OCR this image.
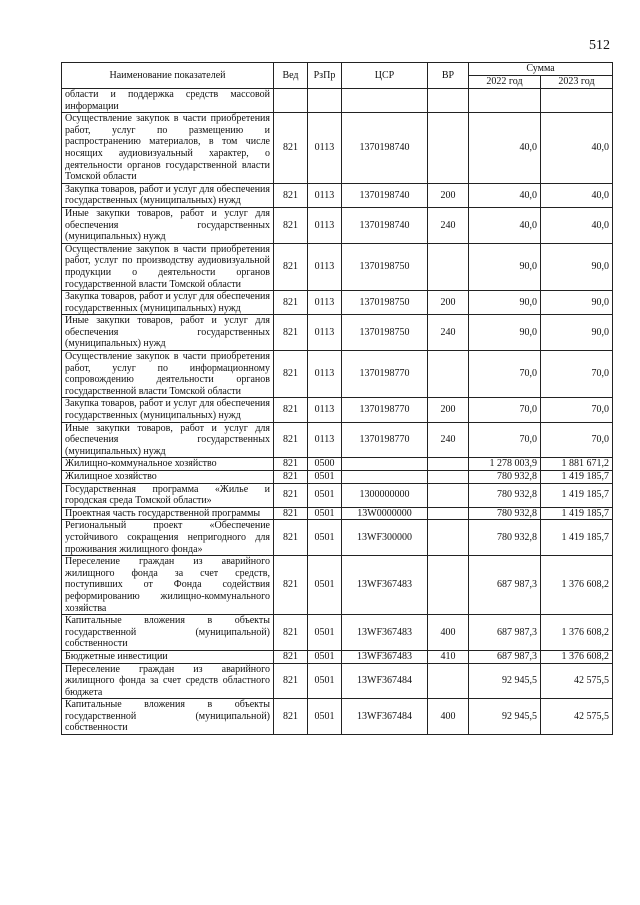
512
Наименование показателей	Вед	РзПр	ЦСР	ВР	Сумма	
					2022 год	2023 год
области и поддержка средств массовой информации						
Осуществление закупок в части приобретения работ, услуг по размещению и распространению материалов, в том числе носящих аудиовизуальный характер, о деятельности органов государственной власти Томской области	821	0113	1370198740		40,0	40,0
Закупка товаров, работ и услуг для обеспечения государственных (муниципальных) нужд	821	0113	1370198740	200	40,0	40,0
Иные закупки товаров, работ и услуг для обеспечения государственных (муниципальных) нужд	821	0113	1370198740	240	40,0	40,0
Осуществление закупок в части приобретения работ, услуг по производству аудиовизуальной продукции о деятельности органов государственной власти Томской области	821	0113	1370198750		90,0	90,0
Закупка товаров, работ и услуг для обеспечения государственных (муниципальных) нужд	821	0113	1370198750	200	90,0	90,0
Иные закупки товаров, работ и услуг для обеспечения государственных (муниципальных) нужд	821	0113	1370198750	240	90,0	90,0
Осуществление закупок в части приобретения работ, услуг по информационному сопровождению деятельности органов государственной власти Томской области	821	0113	1370198770		70,0	70,0
Закупка товаров, работ и услуг для обеспечения государственных (муниципальных) нужд	821	0113	1370198770	200	70,0	70,0
Иные закупки товаров, работ и услуг для обеспечения государственных (муниципальных) нужд	821	0113	1370198770	240	70,0	70,0
Жилищно-коммунальное хозяйство	821	0500			1 278 003,9	1 881 671,2
Жилищное хозяйство	821	0501			780 932,8	1 419 185,7
Государственная программа «Жилье и городская среда Томской области»	821	0501	1300000000		780 932,8	1 419 185,7
Проектная часть государственной программы	821	0501	13W0000000		780 932,8	1 419 185,7
Региональный проект «Обеспечение устойчивого сокращения непригодного для проживания жилищного фонда»	821	0501	13WF300000		780 932,8	1 419 185,7
Переселение граждан из аварийного жилищного фонда за счет средств, поступивших от Фонда содействия реформированию жилищно-коммунального хозяйства	821	0501	13WF367483		687 987,3	1 376 608,2
Капитальные вложения в объекты государственной (муниципальной) собственности	821	0501	13WF367483	400	687 987,3	1 376 608,2
Бюджетные инвестиции	821	0501	13WF367483	410	687 987,3	1 376 608,2
Переселение граждан из аварийного жилищного фонда за счет средств областного бюджета	821	0501	13WF367484		92 945,5	42 575,5
Капитальные вложения в объекты государственной (муниципальной) собственности	821	0501	13WF367484	400	92 945,5	42 575,5
